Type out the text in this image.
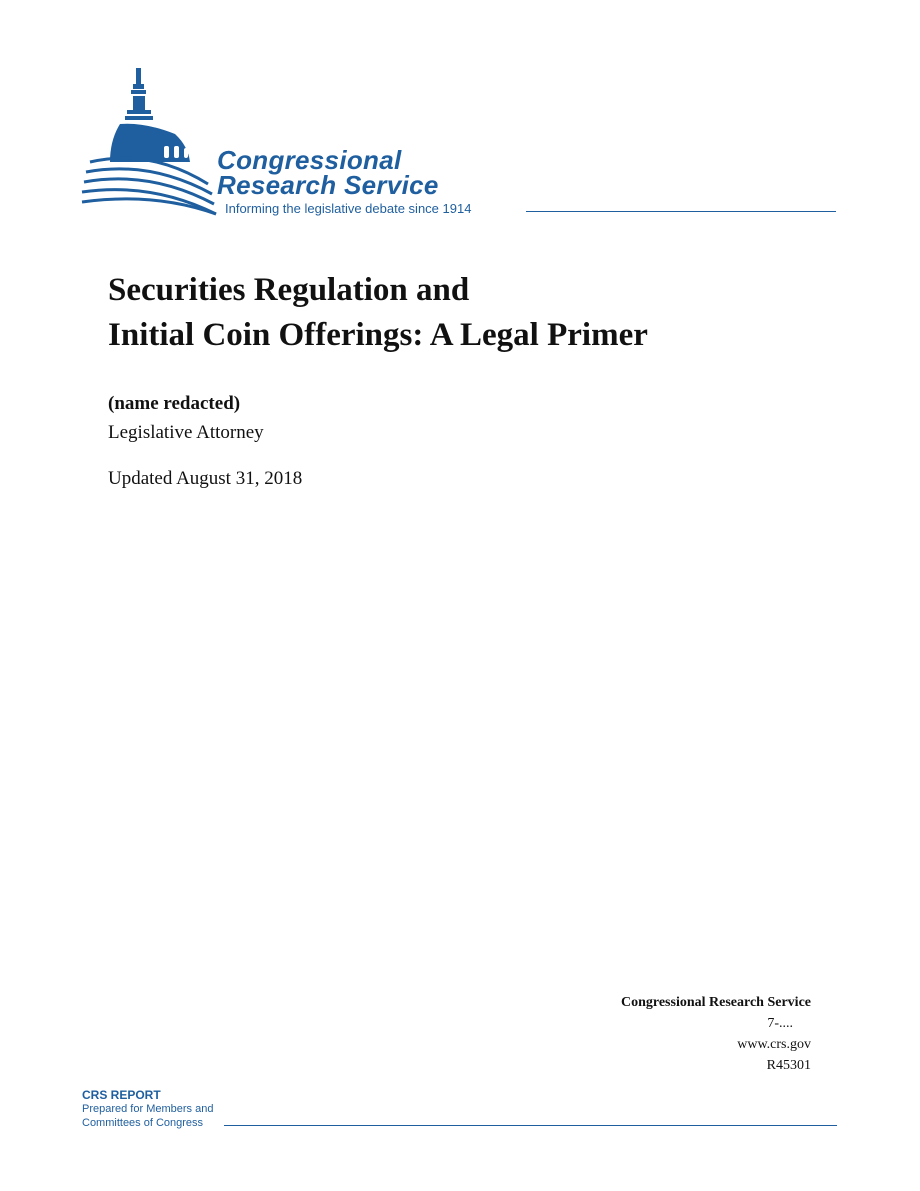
Congressional
Research Service
Informing the legislative debate since 1914
Securities Regulation and
Initial Coin Offerings: A Legal Primer
(name redacted)
Legislative Attorney
Updated August 31, 2018
Congressional Research Service
7-....
www.crs.gov
R45301
CRS REPORT
Prepared for Members and
Committees of Congress
